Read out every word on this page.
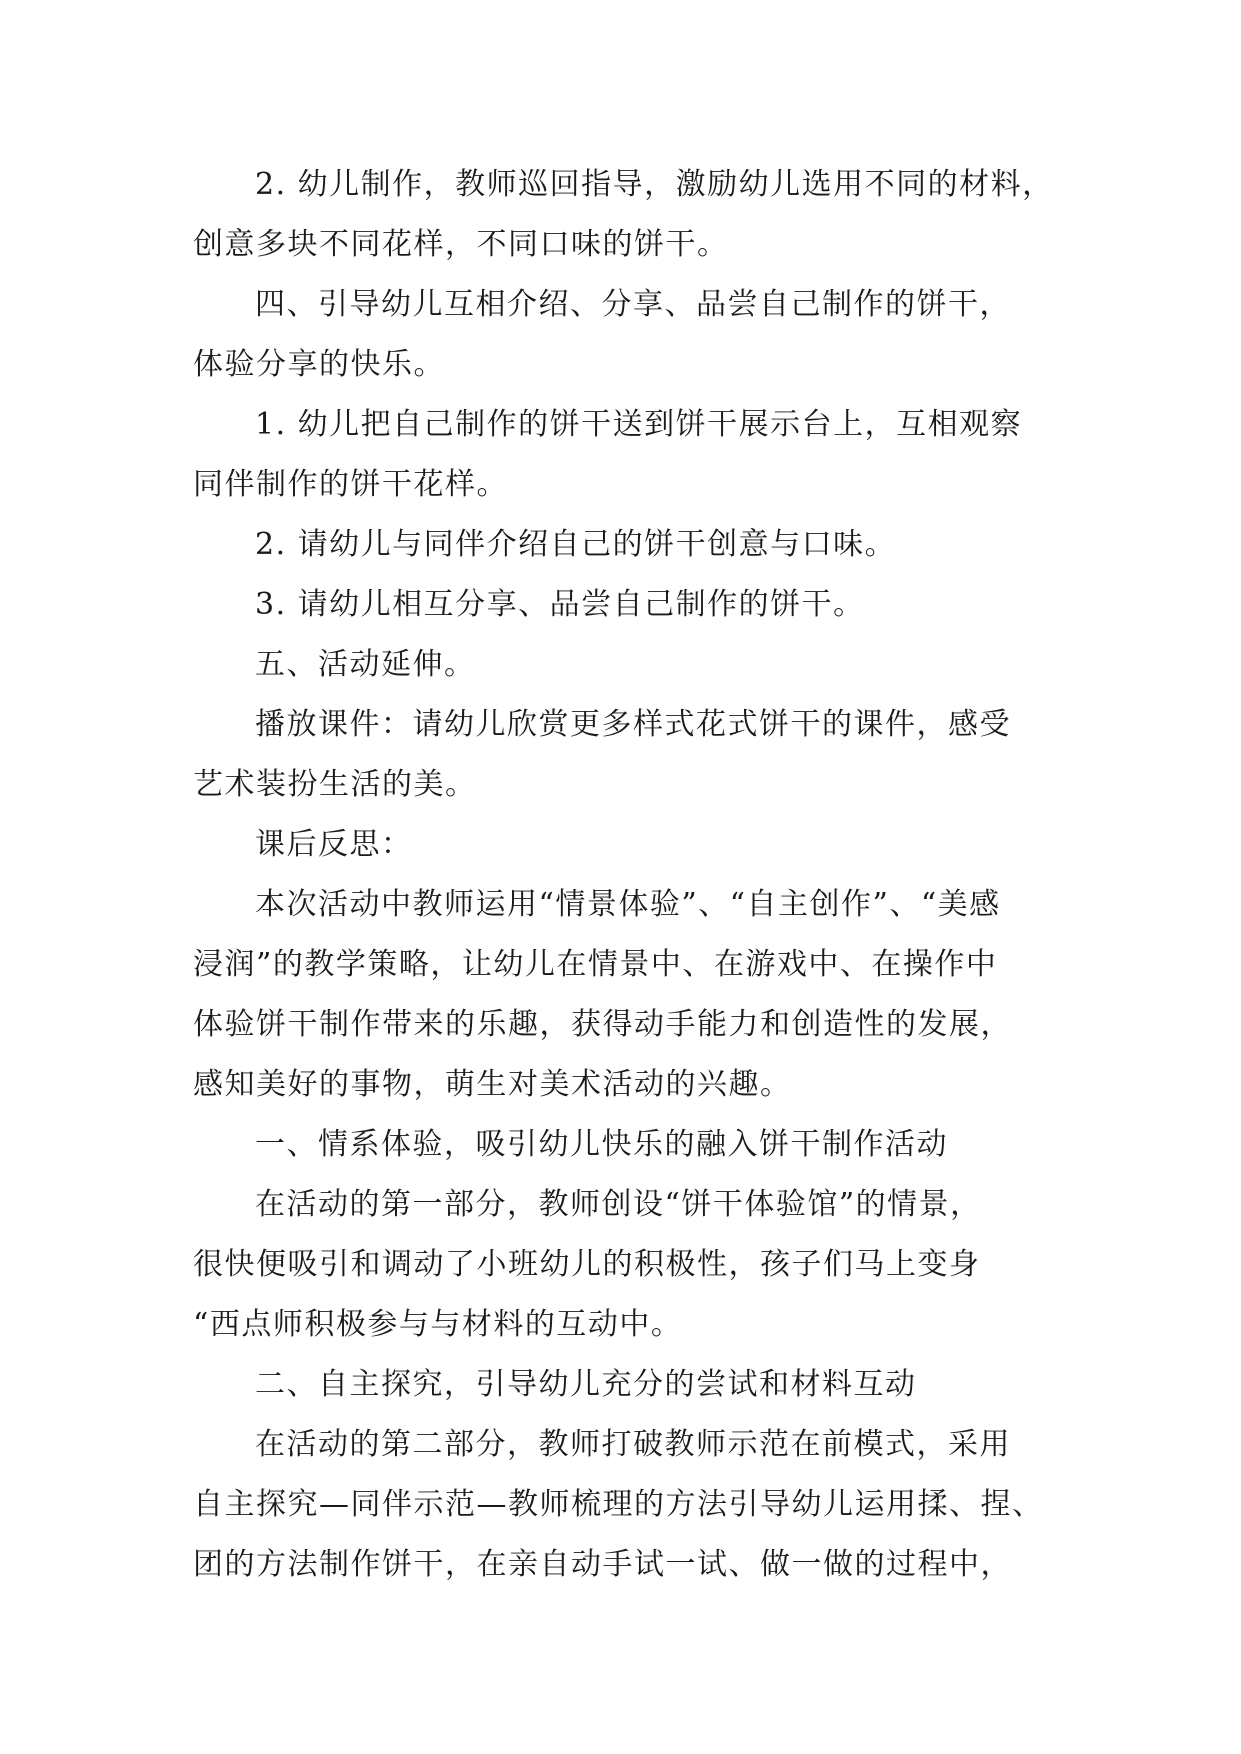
2. 幼儿制作，教师巡回指导，激励幼儿选用不同的材料，

创意多块不同花样，不同口味的饼干。

四、引导幼儿互相介绍、分享、品尝自己制作的饼干，

体验分享的快乐。

1. 幼儿把自己制作的饼干送到饼干展示台上，互相观察

同伴制作的饼干花样。

2. 请幼儿与同伴介绍自己的饼干创意与口味。

3. 请幼儿相互分享、品尝自己制作的饼干。

五、活动延伸。

播放课件：请幼儿欣赏更多样式花式饼干的课件，感受

艺术装扮生活的美。

课后反思：

本次活动中教师运用“情景体验”、“自主创作”、“美感

浸润”的教学策略，让幼儿在情景中、在游戏中、在操作中

体验饼干制作带来的乐趣，获得动手能力和创造性的发展，

感知美好的事物，萌生对美术活动的兴趣。

一、情系体验，吸引幼儿快乐的融入饼干制作活动

在活动的第一部分，教师创设“饼干体验馆”的情景，

很快便吸引和调动了小班幼儿的积极性，孩子们马上变身

“西点师积极参与与材料的互动中。

二、自主探究，引导幼儿充分的尝试和材料互动

在活动的第二部分，教师打破教师示范在前模式，采用

自主探究—同伴示范—教师梳理的方法引导幼儿运用揉、捏、

团的方法制作饼干，在亲自动手试一试、做一做的过程中，
